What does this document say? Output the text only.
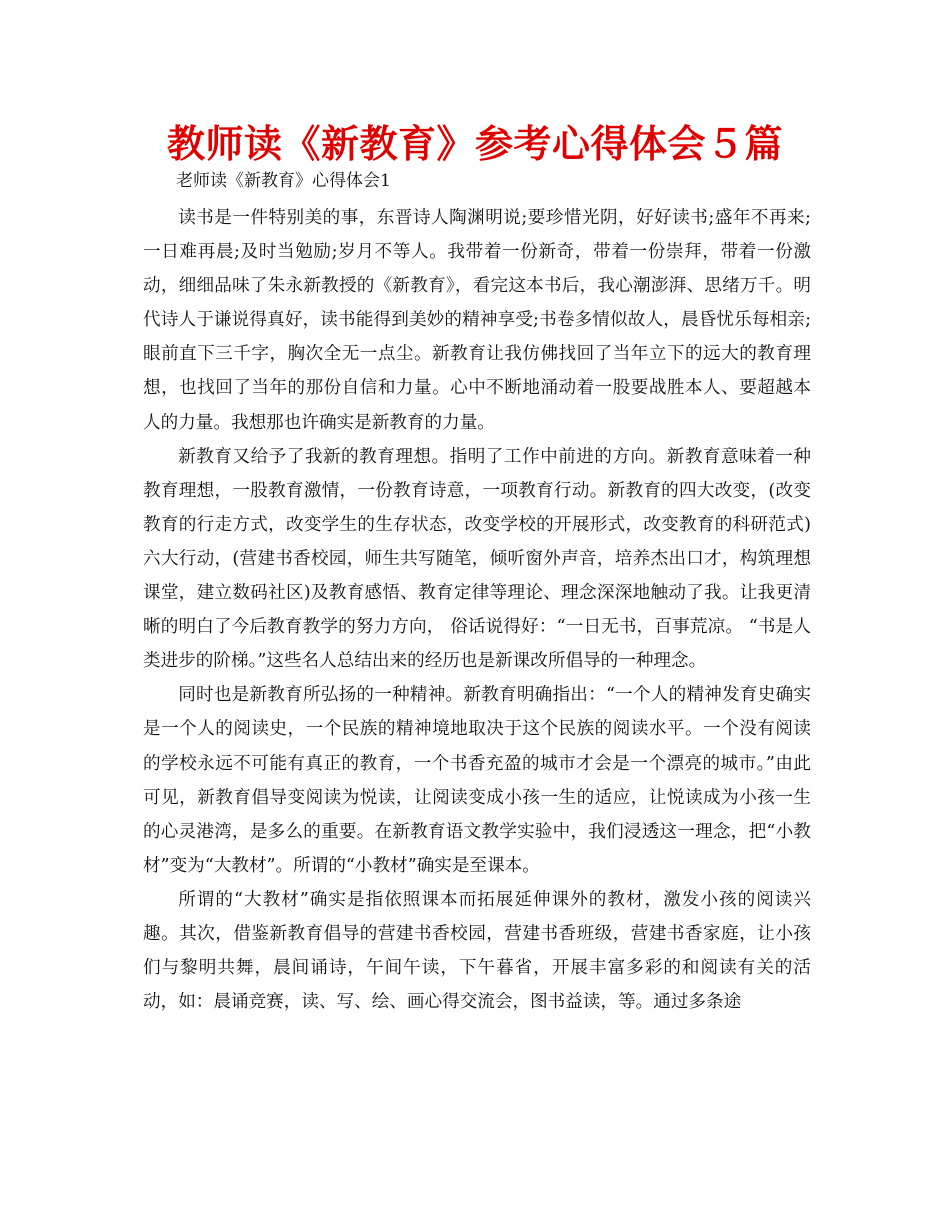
教师读《新教育》参考心得体会５篇
老师读《新教育》心得体会1

读书是一件特别美的事，东晋诗人陶渊明说;要珍惜光阴，好好读书;盛年不再来;一日难再晨;及时当勉励;岁月不等人。我带着一份新奇，带着一份崇拜，带着一份激动，细细品味了朱永新教授的《新教育》，看完这本书后，我心潮澎湃、思绪万千。明代诗人于谦说得真好，读书能得到美妙的精神享受;书卷多情似故人，晨昏忧乐每相亲;眼前直下三千字，胸次全无一点尘。新教育让我仿佛找回了当年立下的远大的教育理想，也找回了当年的那份自信和力量。心中不断地涌动着一股要战胜本人、要超越本人的力量。我想那也许确实是新教育的力量。

新教育又给予了我新的教育理想。指明了工作中前进的方向。新教育意味着一种教育理想，一股教育激情，一份教育诗意，一项教育行动。新教育的四大改变，(改变教育的行走方式，改变学生的生存状态，改变学校的开展形式，改变教育的科研范式)六大行动，(营建书香校园，师生共写随笔，倾听窗外声音，培养杰出口才，构筑理想课堂，建立数码社区)及教育感悟、教育定律等理论、理念深深地触动了我。让我更清晰的明白了今后教育教学的努力方向， 俗话说得好：“一日无书，百事荒凉。 “书是人类进步的阶梯。”这些名人总结出来的经历也是新课改所倡导的一种理念。

同时也是新教育所弘扬的一种精神。新教育明确指出：“一个人的精神发育史确实是一个人的阅读史，一个民族的精神境地取决于这个民族的阅读水平。一个没有阅读的学校永远不可能有真正的教育，一个书香充盈的城市才会是一个漂亮的城市。”由此可见，新教育倡导变阅读为悦读，让阅读变成小孩一生的适应，让悦读成为小孩一生的心灵港湾，是多么的重要。在新教育语文教学实验中，我们浸透这一理念，把“小教材”变为“大教材”。所谓的“小教材”确实是至课本。

所谓的“大教材”确实是指依照课本而拓展延伸课外的教材，激发小孩的阅读兴趣。其次，借鉴新教育倡导的营建书香校园，营建书香班级，营建书香家庭，让小孩们与黎明共舞，晨间诵诗，午间午读，下午暮省，开展丰富多彩的和阅读有关的活动，如：晨诵竞赛，读、写、绘、画心得交流会，图书益读，等。通过多条途
